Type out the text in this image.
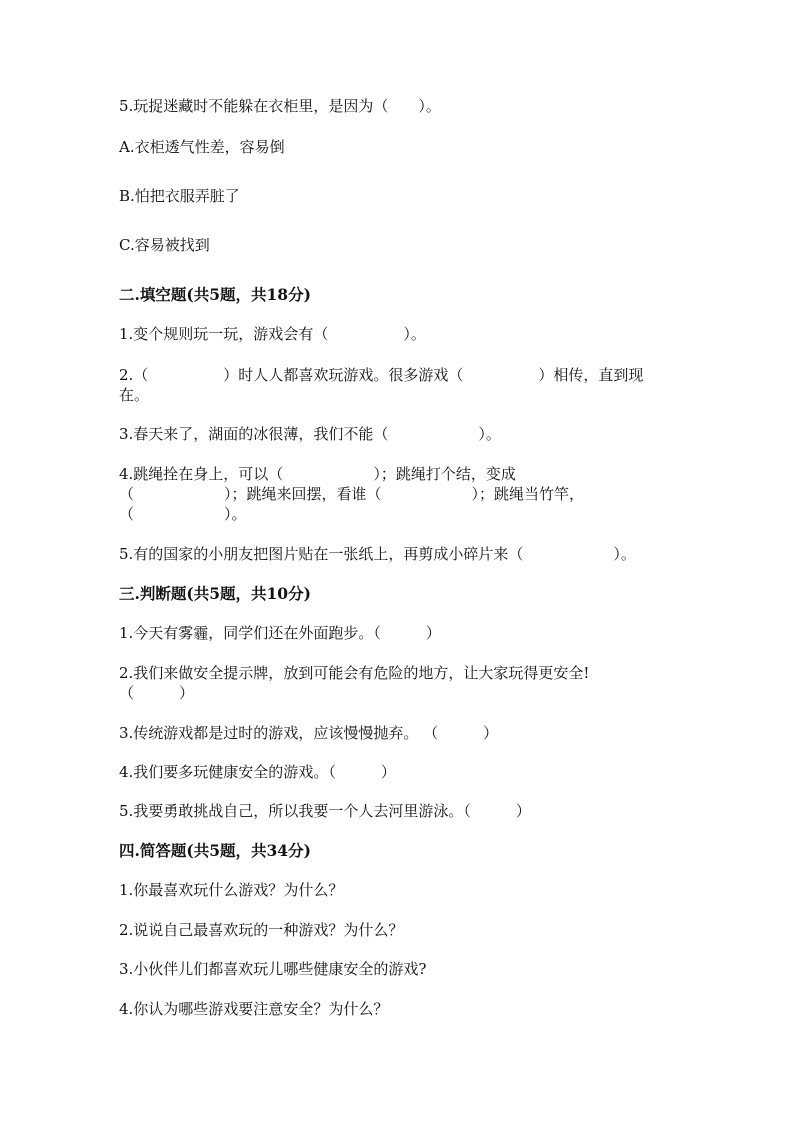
5.玩捉迷藏时不能躲在衣柜里，是因为（　　）。
A.衣柜透气性差，容易倒
B.怕把衣服弄脏了
C.容易被找到
二.填空题(共5题，共18分)
1.变个规则玩一玩，游戏会有（　　　　　）。
2.（　　　　　）时人人都喜欢玩游戏。很多游戏（　　　　　）相传，直到现
在。
3.春天来了，湖面的冰很薄，我们不能（　　　　　　）。
4.跳绳拴在身上，可以（　　　　　　）；跳绳打个结，变成
（　　　　　　）；跳绳来回摆，看谁（　　　　　　）；跳绳当竹竿，
（　　　　　　）。
5.有的国家的小朋友把图片贴在一张纸上，再剪成小碎片来（　　　　　　）。
三.判断题(共5题，共10分)
1.今天有雾霾，同学们还在外面跑步。（　　　）
2.我们来做安全提示牌，放到可能会有危险的地方，让大家玩得更安全!
（　　　）
3.传统游戏都是过时的游戏，应该慢慢抛弃。 （　　　）
4.我们要多玩健康安全的游戏。（　　　）
5.我要勇敢挑战自己，所以我要一个人去河里游泳。（　　　）
四.简答题(共5题，共34分)
1.你最喜欢玩什么游戏？为什么？
2.说说自己最喜欢玩的一种游戏？为什么？
3.小伙伴儿们都喜欢玩儿哪些健康安全的游戏?
4.你认为哪些游戏要注意安全？为什么？
